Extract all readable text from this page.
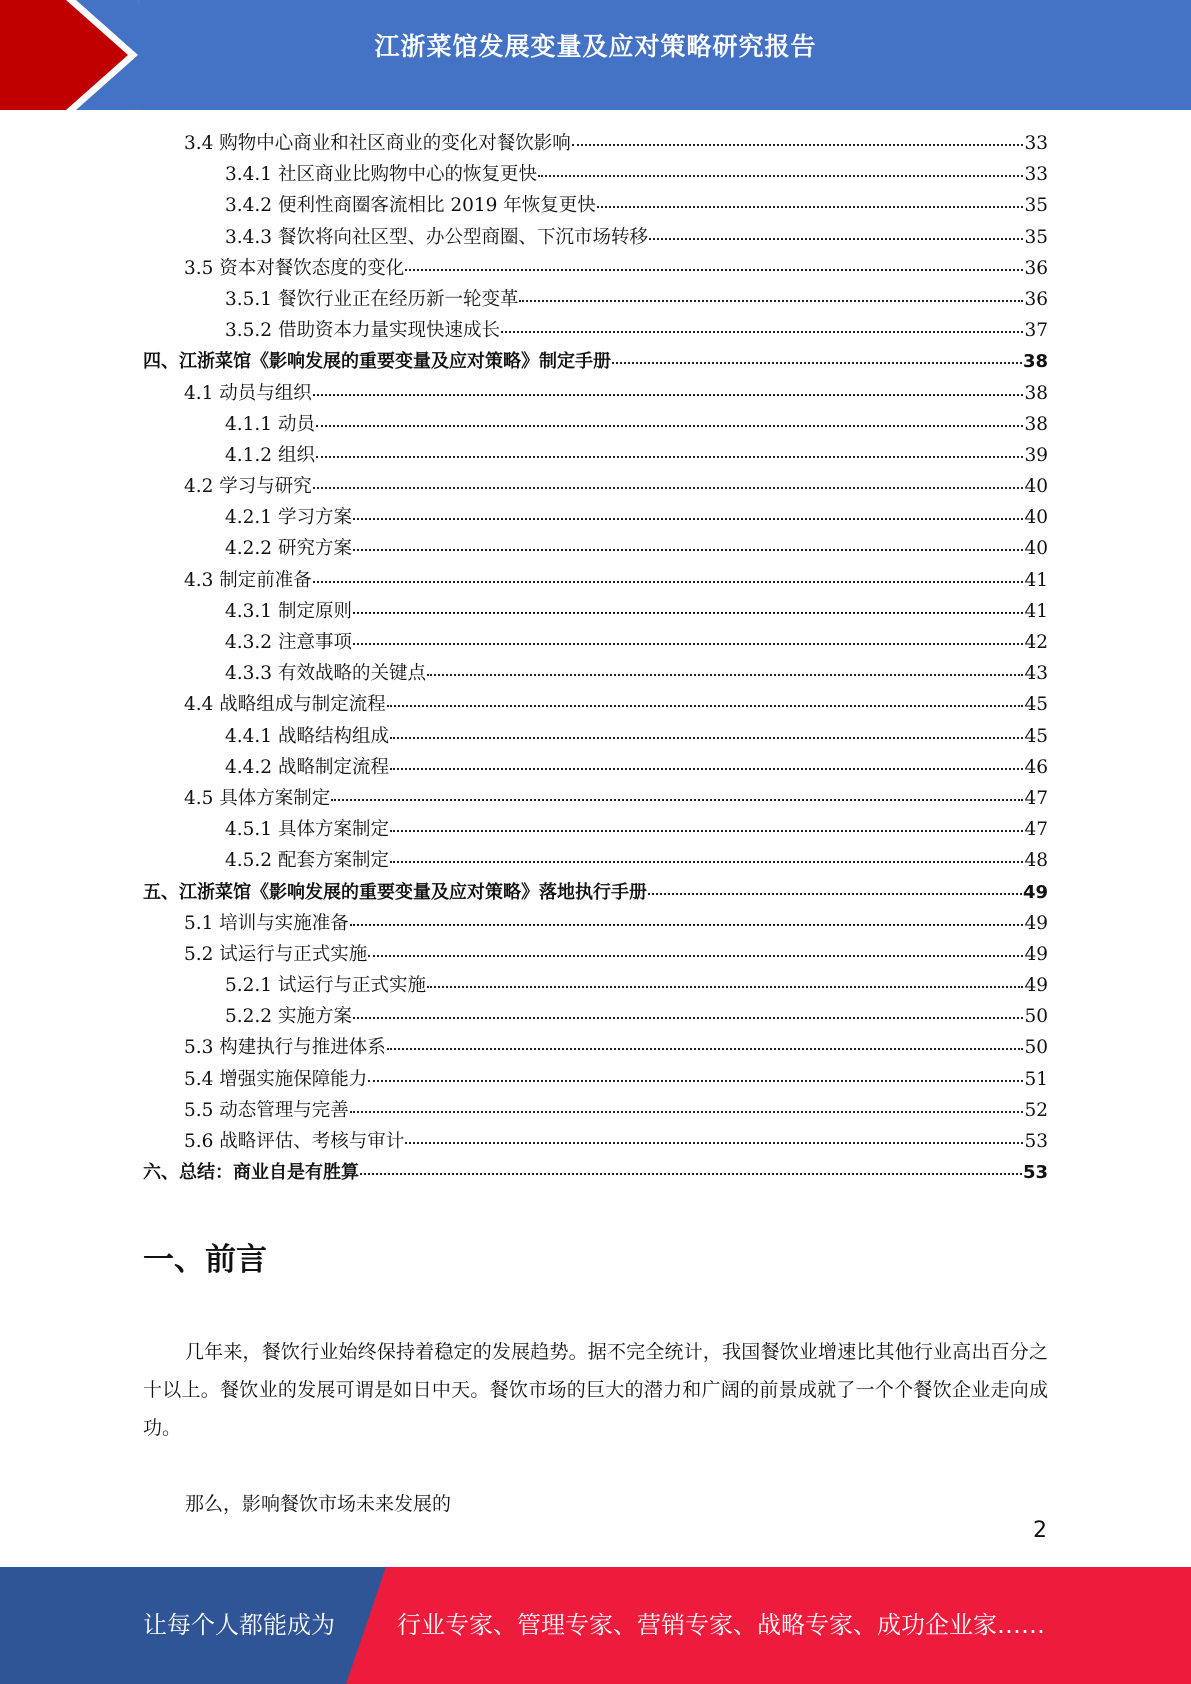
江浙菜馆发展变量及应对策略研究报告
3.4 购物中心商业和社区商业的变化对餐饮影响	33
3.4.1 社区商业比购物中心的恢复更快	33
3.4.2 便利性商圈客流相比 2019 年恢复更快	35
3.4.3 餐饮将向社区型、办公型商圈、下沉市场转移	35
3.5 资本对餐饮态度的变化	36
3.5.1 餐饮行业正在经历新一轮变革	36
3.5.2 借助资本力量实现快速成长	37
四、江浙菜馆《影响发展的重要变量及应对策略》制定手册	38
4.1 动员与组织	38
4.1.1 动员	38
4.1.2 组织	39
4.2 学习与研究	40
4.2.1 学习方案	40
4.2.2 研究方案	40
4.3 制定前准备	41
4.3.1 制定原则	41
4.3.2 注意事项	42
4.3.3 有效战略的关键点	43
4.4 战略组成与制定流程	45
4.4.1 战略结构组成	45
4.4.2 战略制定流程	46
4.5 具体方案制定	47
4.5.1 具体方案制定	47
4.5.2 配套方案制定	48
五、江浙菜馆《影响发展的重要变量及应对策略》落地执行手册	49
5.1 培训与实施准备	49
5.2 试运行与正式实施	49
5.2.1 试运行与正式实施	49
5.2.2 实施方案	50
5.3 构建执行与推进体系	50
5.4 增强实施保障能力	51
5.5 动态管理与完善	52
5.6 战略评估、考核与审计	53
六、总结：商业自是有胜算	53
一、前言
几年来，餐饮行业始终保持着稳定的发展趋势。据不完全统计，我国餐饮业增速比其他行业高出百分之十以上。餐饮业的发展可谓是如日中天。餐饮市场的巨大的潜力和广阔的前景成就了一个个餐饮企业走向成功。
那么，影响餐饮市场未来发展的
2
让每个人都能成为	行业专家、管理专家、营销专家、战略专家、成功企业家……
